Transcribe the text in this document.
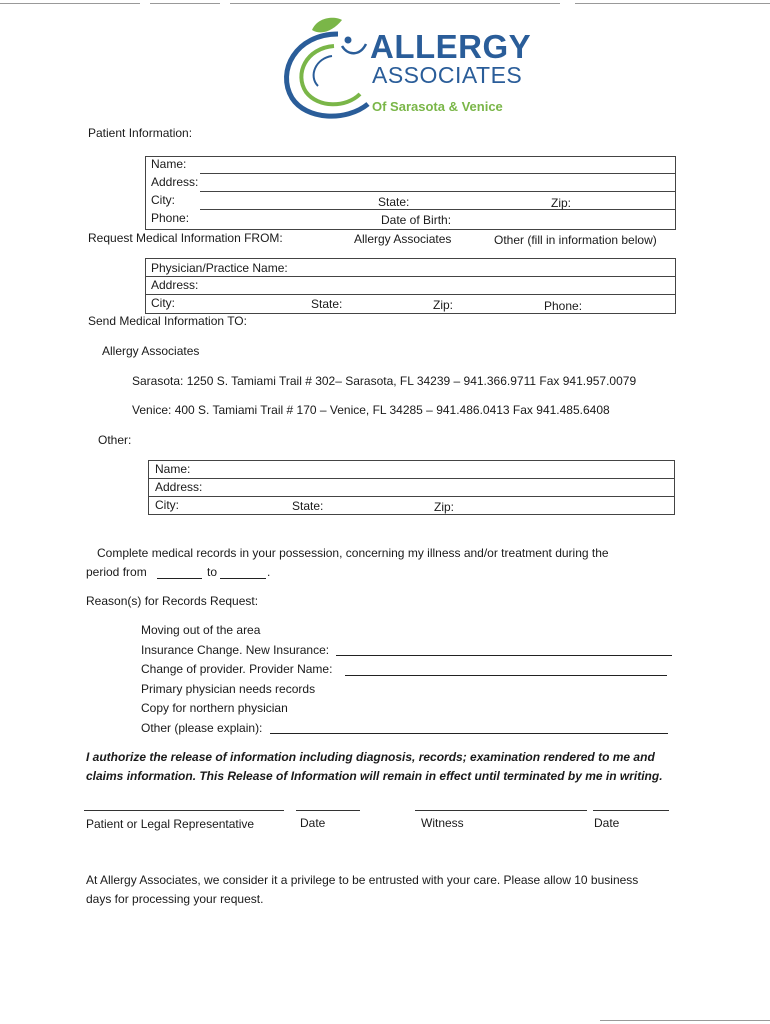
ALLERGY
ASSOCIATES
Of Sarasota & Venice
Patient Information:
Name:
Address:
City:	State:	Zip:
Phone:	Date of Birth:
Request Medical Information FROM:	Allergy Associates	Other (fill in information below)
Physician/Practice Name:
Address:
City:	State:	Zip:	Phone:
Send Medical Information TO:
Allergy Associates
Sarasota: 1250 S. Tamiami Trail # 302– Sarasota, FL 34239 – 941.366.9711 Fax 941.957.0079
Venice: 400 S. Tamiami Trail # 170 – Venice, FL 34285 – 941.486.0413 Fax 941.485.6408
Other:
Name:
Address:
City:	State:	Zip:
Complete medical records in your possession, concerning my illness and/or treatment during the
period from	to	.
Reason(s) for Records Request:
Moving out of the area
Insurance Change. New Insurance:
Change of provider. Provider Name:
Primary physician needs records
Copy for northern physician
Other (please explain):
I authorize the release of information including diagnosis, records; examination rendered to me and
claims information. This Release of Information will remain in effect until terminated by me in writing.
Patient or Legal Representative	Date	Witness	Date
At Allergy Associates, we consider it a privilege to be entrusted with your care. Please allow 10 business
days for processing your request.
